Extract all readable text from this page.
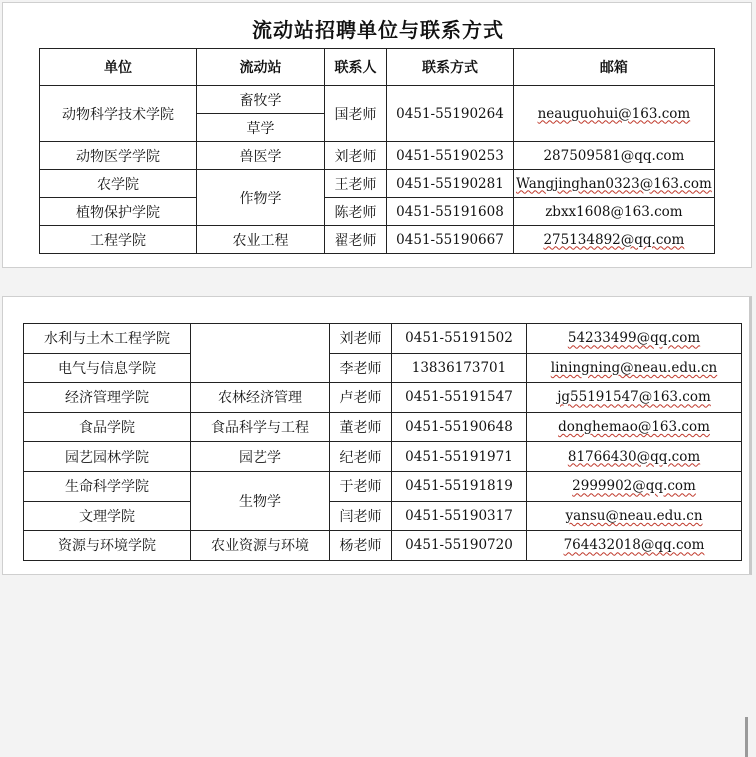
流动站招聘单位与联系方式
单位	流动站	联系人	联系方式	邮箱
动物科学技术学院	畜牧学	国老师	0451-55190264	neauguohui@163.com
	草学			
动物医学学院	兽医学	刘老师	0451-55190253	287509581@qq.com
农学院	作物学	王老师	0451-55190281	Wangjinghan0323@163.com
植物保护学院		陈老师	0451-55191608	zbxx1608@163.com
工程学院	农业工程	翟老师	0451-55190667	275134892@qq.com
水利与土木工程学院		刘老师	0451-55191502	54233499@qq.com
电气与信息学院		李老师	13836173701	liningning@neau.edu.cn
经济管理学院	农林经济管理	卢老师	0451-55191547	jg55191547@163.com
食品学院	食品科学与工程	董老师	0451-55190648	donghemao@163.com
园艺园林学院	园艺学	纪老师	0451-55191971	81766430@qq.com
生命科学学院	生物学	于老师	0451-55191819	2999902@qq.com
文理学院		闫老师	0451-55190317	yansu@neau.edu.cn
资源与环境学院	农业资源与环境	杨老师	0451-55190720	764432018@qq.com
